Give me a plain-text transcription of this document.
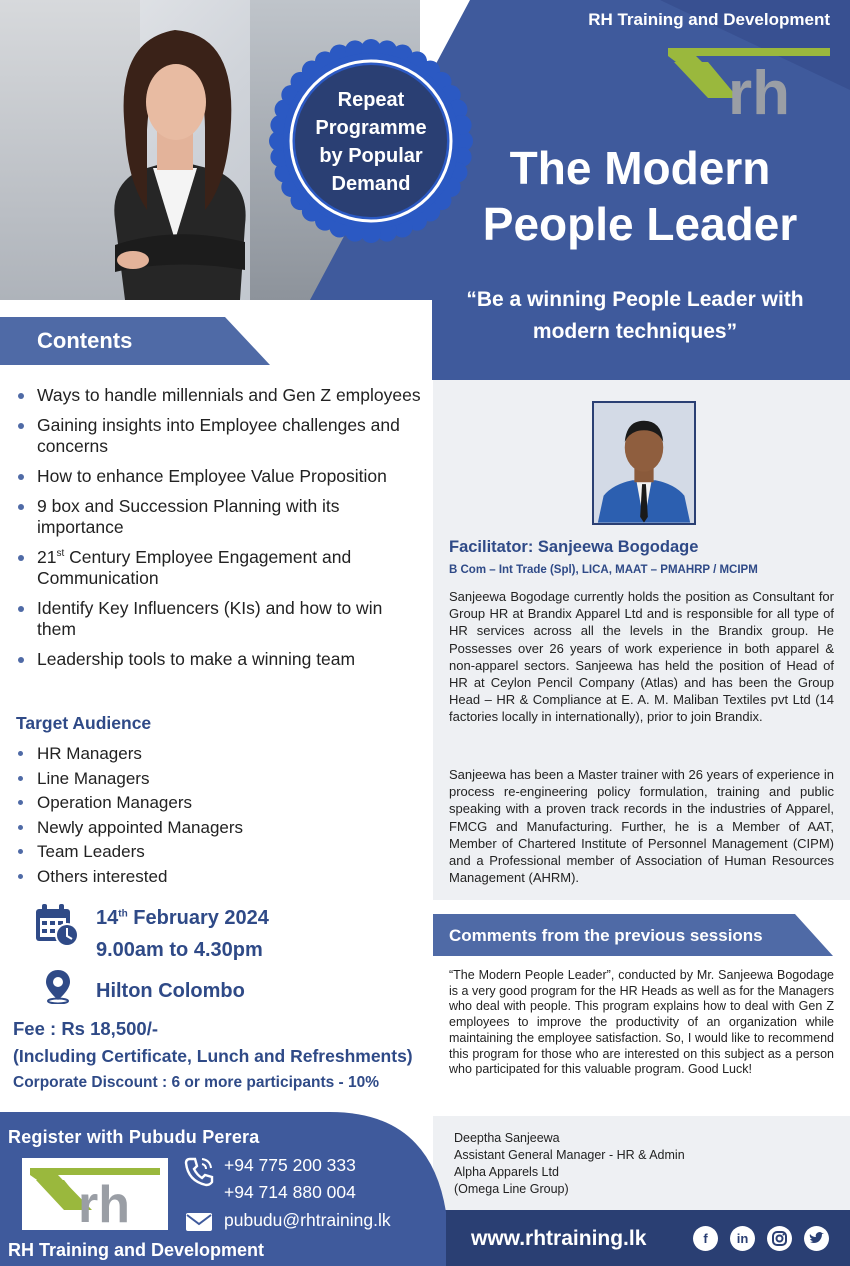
RH Training and Development
rh
Repeat
Programme
by Popular
Demand	The Modern
People Leader
“Be a winning People Leader with
modern techniques”
Contents
Ways to handle millennials and Gen Z employees
Gaining insights into Employee challenges and concerns
How to enhance Employee Value Proposition
9 box and Succession Planning with its importance
21st Century Employee Engagement and Communication
Identify Key Influencers (KIs) and how to win them
Leadership tools to make a winning team
Target Audience
HR Managers
Line Managers
Operation Managers
Newly appointed Managers
Team Leaders
Others interested
14th February 2024
9.00am to 4.30pm
Hilton Colombo
Fee : Rs 18,500/-
(Including Certificate, Lunch and Refreshments)
Corporate Discount : 6 or more participants - 10%
Facilitator: Sanjeewa Bogodage
B Com – Int Trade (Spl), LICA, MAAT – PMAHRP / MCIPM
Sanjeewa Bogodage currently holds the position as Consultant for Group HR at Brandix Apparel Ltd and is responsible for all type of HR services across all the levels in the Brandix group. He Possesses over 26 years of work experience in both apparel & non-apparel sectors. Sanjeewa has held the position of Head of HR at Ceylon Pencil Company (Atlas) and has been the Group Head – HR & Compliance at E. A. M. Maliban Textiles pvt Ltd (14 factories locally in internationally), prior to join Brandix.
Sanjeewa has been a Master trainer with 26 years of experience in process re-engineering policy formulation, training and public speaking with a proven track records in the industries of Apparel, FMCG and Manufacturing. Further, he is a Member of AAT, Member of Chartered Institute of Personnel Management (CIPM) and a Professional member of Association of Human Resources Management (AHRM).
Comments from the previous sessions
“The Modern People Leader”, conducted by Mr. Sanjeewa Bogodage is a very good program for the HR Heads as well as for the Managers who deal with people. This program explains how to deal with Gen Z employees to improve the productivity of an organization while maintaining the employee satisfaction. So, I would like to recommend this program for those who are interested on this subject as a person who participated for this valuable program. Good Luck!
Deeptha Sanjeewa
Assistant General Manager - HR & Admin
Alpha Apparels Ltd
(Omega Line Group)
Register with Pubudu Perera
rh
+94 775 200 333
+94 714 880 004
pubudu@rhtraining.lk
RH Training and Development	www.rhtraining.lk	f	in
